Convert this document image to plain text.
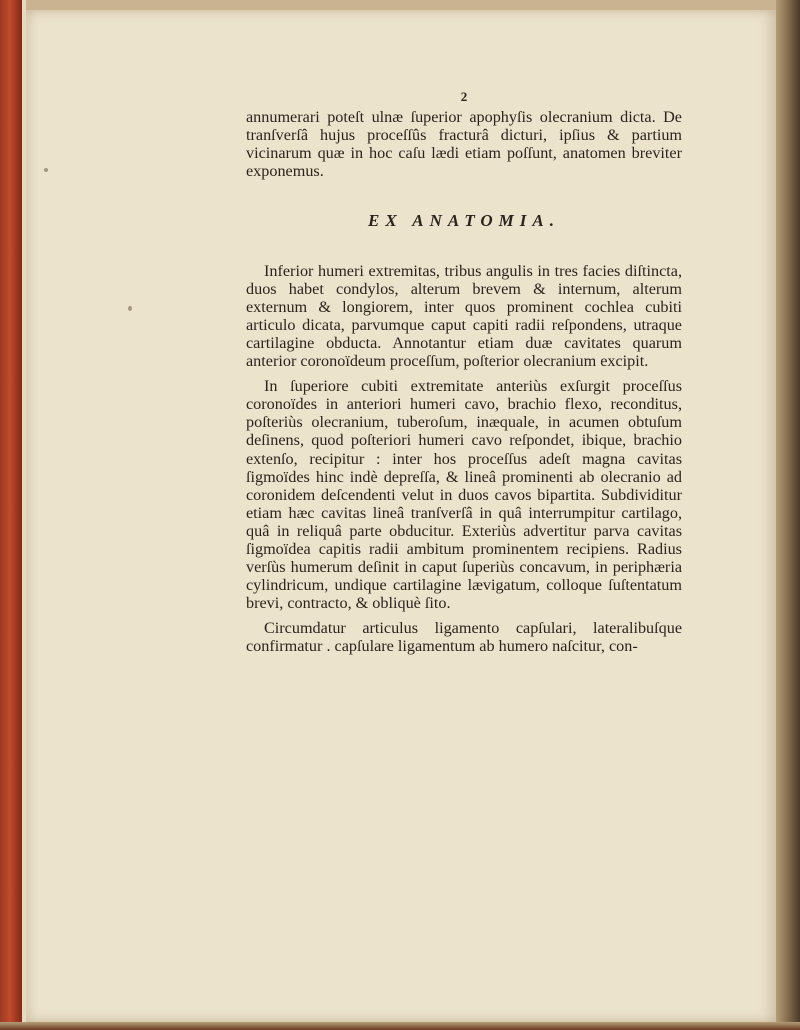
2

annumerari poteſt ulnæ ſuperior apophyſis olecranium dicta. De tranſverſâ hujus proceſſûs fracturâ dicturi, ipſius & partium vicinarum quæ in hoc caſu lædi etiam poſſunt, anatomen breviter exponemus.

EX ANATOMIA.

Inferior humeri extremitas, tribus angulis in tres facies diſtincta, duos habet condylos, alterum brevem & internum, alterum externum & longiorem, inter quos prominent cochlea cubiti articulo dicata, parvumque caput capiti radii reſpondens, utraque cartilagine obducta. Annotantur etiam duæ cavitates quarum anterior coronoïdeum proceſſum, poſterior olecranium excipit.

In ſuperiore cubiti extremitate anteriùs exſurgit proceſſus coronoïdes in anteriori humeri cavo, brachio flexo, reconditus, poſteriùs olecranium, tuberoſum, inæquale, in acumen obtuſum deſinens, quod poſteriori humeri cavo reſpondet, ibique, brachio extenſo, recipitur : inter hos proceſſus adeſt magna cavitas ſigmoïdes hinc indè depreſſa, & lineâ prominenti ab olecranio ad coronidem deſcendenti velut in duos cavos bipartita. Subdividitur etiam hæc cavitas lineâ tranſverſâ in quâ interrumpitur cartilago, quâ in reliquâ parte obducitur. Exteriùs advertitur parva cavitas ſigmoïdea capitis radii ambitum prominentem recipiens. Radius verſùs humerum deſinit in caput ſuperiùs concavum, in periphæria cylindricum, undique cartilagine lævigatum, colloque ſuſtentatum brevi, contracto, & obliquè ſito.

Circumdatur articulus ligamento capſulari, lateralibuſque confirmatur . capſulare ligamentum ab humero naſcitur, con-
